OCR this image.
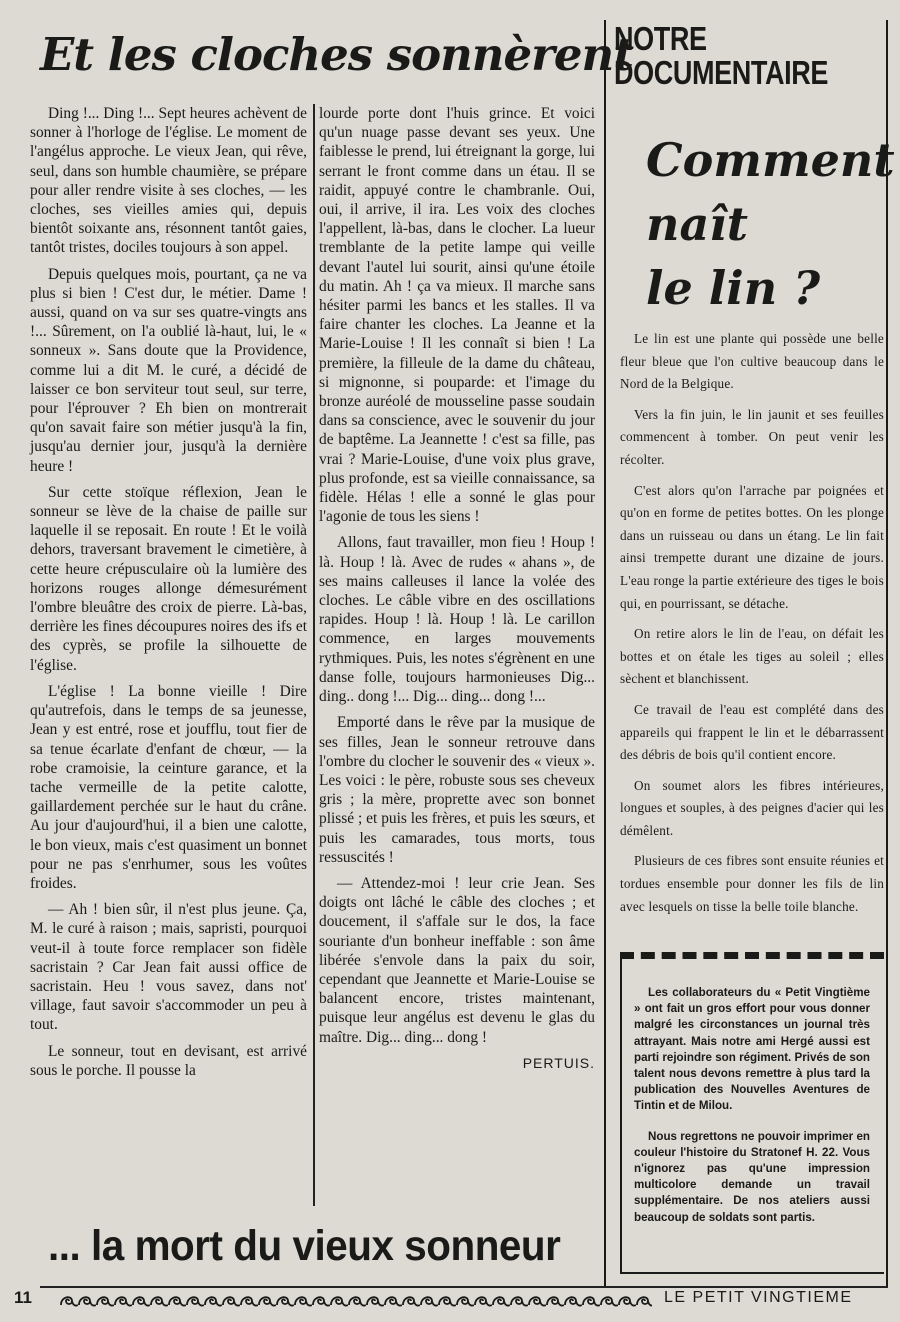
Et les cloches sonnèrent

Ding !... Ding !... Sept heures achèvent de sonner à l'horloge de l'église. Le moment de l'angélus approche. Le vieux Jean, qui rêve, seul, dans son humble chaumière, se prépare pour aller rendre visite à ses cloches, — les cloches, ses vieilles amies qui, depuis bientôt soixante ans, résonnent tantôt gaies, tantôt tristes, dociles toujours à son appel.

Depuis quelques mois, pourtant, ça ne va plus si bien ! C'est dur, le métier. Dame ! aussi, quand on va sur ses quatre-vingts ans !... Sûrement, on l'a oublié là-haut, lui, le « sonneux ». Sans doute que la Providence, comme lui a dit M. le curé, a décidé de laisser ce bon serviteur tout seul, sur terre, pour l'éprouver ? Eh bien on montrerait qu'on savait faire son métier jusqu'à la fin, jusqu'au dernier jour, jusqu'à la dernière heure !

Sur cette stoïque réflexion, Jean le sonneur se lève de la chaise de paille sur laquelle il se reposait. En route ! Et le voilà dehors, traversant bravement le cimetière, à cette heure crépusculaire où la lumière des horizons rouges allonge démesurément l'ombre bleuâtre des croix de pierre. Là-bas, derrière les fines découpures noires des ifs et des cyprès, se profile la silhouette de l'église.

L'église ! La bonne vieille ! Dire qu'autrefois, dans le temps de sa jeunesse, Jean y est entré, rose et joufflu, tout fier de sa tenue écarlate d'enfant de chœur, — la robe cramoisie, la ceinture garance, et la tache vermeille de la petite calotte, gaillardement perchée sur le haut du crâne. Au jour d'aujourd'hui, il a bien une calotte, le bon vieux, mais c'est quasiment un bonnet pour ne pas s'enrhumer, sous les voûtes froides.

— Ah ! bien sûr, il n'est plus jeune. Ça, M. le curé à raison ; mais, sapristi, pourquoi veut-il à toute force remplacer son fidèle sacristain ? Car Jean fait aussi office de sacristain. Heu ! vous savez, dans not' village, faut savoir s'accommoder un peu à tout.

Le sonneur, tout en devisant, est arrivé sous le porche. Il pousse la

lourde porte dont l'huis grince. Et voici qu'un nuage passe devant ses yeux. Une faiblesse le prend, lui étreignant la gorge, lui serrant le front comme dans un étau. Il se raidit, appuyé contre le chambranle. Oui, oui, il arrive, il ira. Les voix des cloches l'appellent, là-bas, dans le clocher. La lueur tremblante de la petite lampe qui veille devant l'autel lui sourit, ainsi qu'une étoile du matin. Ah ! ça va mieux. Il marche sans hésiter parmi les bancs et les stalles. Il va faire chanter les cloches. La Jeanne et la Marie-Louise ! Il les connaît si bien ! La première, la filleule de la dame du château, si mignonne, si pouparde: et l'image du bronze auréolé de mousseline passe soudain dans sa conscience, avec le souvenir du jour de baptême. La Jeannette ! c'est sa fille, pas vrai ? Marie-Louise, d'une voix plus grave, plus profonde, est sa vieille connaissance, sa fidèle. Hélas ! elle a sonné le glas pour l'agonie de tous les siens !

Allons, faut travailler, mon fieu ! Houp ! là. Houp ! là. Avec de rudes « ahans », de ses mains calleuses il lance la volée des cloches. Le câble vibre en des oscillations rapides. Houp ! là. Houp ! là. Le carillon commence, en larges mouvements rythmiques. Puis, les notes s'égrènent en une danse folle, toujours harmonieuses Dig... ding.. dong !... Dig... ding... dong !...

Emporté dans le rêve par la musique de ses filles, Jean le sonneur retrouve dans l'ombre du clocher le souvenir des « vieux ». Les voici : le père, robuste sous ses cheveux gris ; la mère, proprette avec son bonnet plissé ; et puis les frères, et puis les sœurs, et puis les camarades, tous morts, tous ressuscités !

— Attendez-moi ! leur crie Jean. Ses doigts ont lâché le câble des cloches ; et doucement, il s'affale sur le dos, la face souriante d'un bonheur ineffable : son âme libérée s'envole dans la paix du soir, cependant que Jeannette et Marie-Louise se balancent encore, tristes maintenant, puisque leur angélus est devenu le glas du maître. Dig... ding... dong !

PERTUIS.
... la mort du vieux sonneur
NOTRE
DOCUMENTAIRE
Comment
naît
le lin ?

Le lin est une plante qui possède une belle fleur bleue que l'on cultive beaucoup dans le Nord de la Belgique.

Vers la fin juin, le lin jaunit et ses feuilles commencent à tomber. On peut venir les récolter.

C'est alors qu'on l'arrache par poignées et qu'on en forme de petites bottes. On les plonge dans un ruisseau ou dans un étang. Le lin fait ainsi trempette durant une dizaine de jours. L'eau ronge la partie extérieure des tiges le bois qui, en pourrissant, se détache.

On retire alors le lin de l'eau, on défait les bottes et on étale les tiges au soleil ; elles sèchent et blanchissent.

Ce travail de l'eau est complété dans des appareils qui frappent le lin et le débarrassent des débris de bois qu'il contient encore.

On soumet alors les fibres intérieures, longues et souples, à des peignes d'acier qui les démêlent.

Plusieurs de ces fibres sont ensuite réunies et tordues ensemble pour donner les fils de lin avec lesquels on tisse la belle toile blanche.

Les collaborateurs du « Petit Vingtième » ont fait un gros effort pour vous donner malgré les circonstances un journal très attrayant. Mais notre ami Hergé aussi est parti rejoindre son régiment. Privés de son talent nous devons remettre à plus tard la publication des Nouvelles Aventures de Tintin et de Milou.

Nous regrettons ne pouvoir imprimer en couleur l'histoire du Stratonef H. 22. Vous n'ignorez pas qu'une impression multicolore demande un travail supplémentaire. De nos ateliers aussi beaucoup de soldats sont partis.

11	LE PETIT VINGTIEME
